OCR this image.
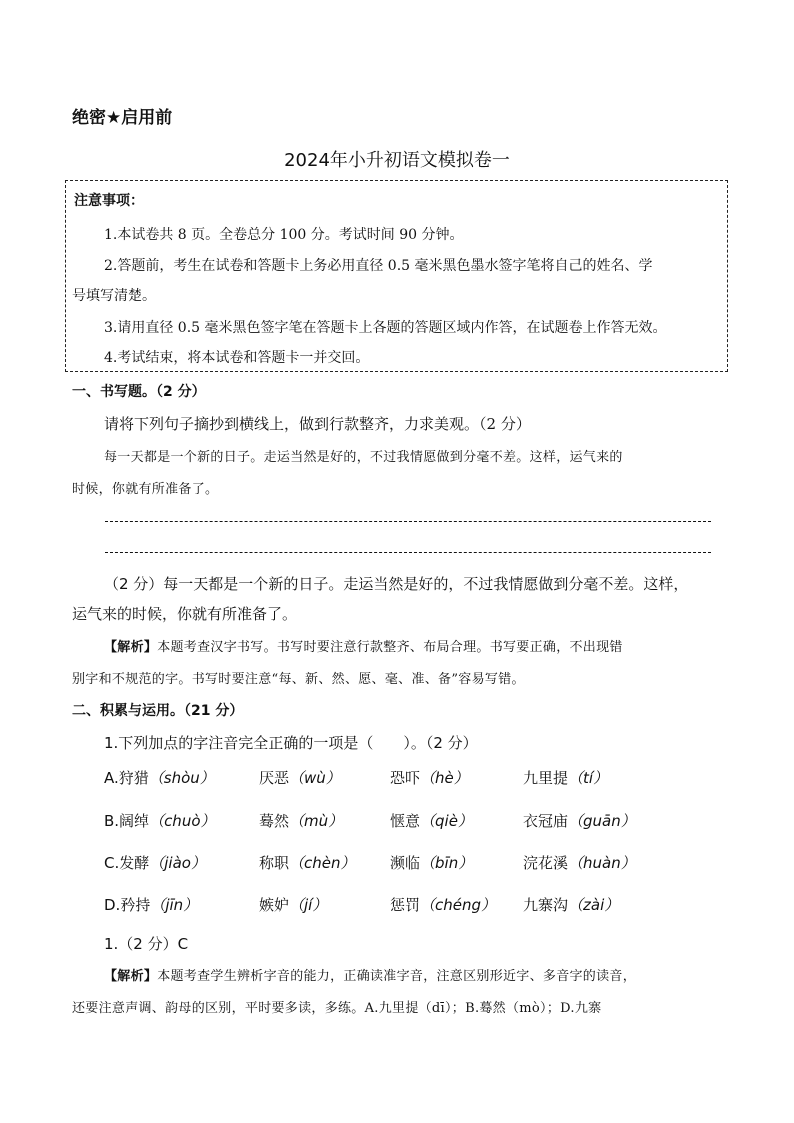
绝密★启用前
2024年小升初语文模拟卷一
注意事项：
1.本试卷共 8 页。全卷总分 100 分。考试时间 90 分钟。
2.答题前，考生在试卷和答题卡上务必用直径 0.5 毫米黑色墨水签字笔将自己的姓名、学
号填写清楚。
3.请用直径 0.5 毫米黑色签字笔在答题卡上各题的答题区域内作答，在试题卷上作答无效。
4.考试结束，将本试卷和答题卡一并交回。
一、书写题。（2 分）
请将下列句子摘抄到横线上，做到行款整齐，力求美观。（2 分）
每一天都是一个新的日子。走运当然是好的，不过我情愿做到分毫不差。这样，运气来的
时候，你就有所准备了。
（2 分）每一天都是一个新的日子。走运当然是好的，不过我情愿做到分毫不差。这样，
运气来的时候，你就有所准备了。
【解析】本题考查汉字书写。书写时要注意行款整齐、布局合理。书写要正确，不出现错
别字和不规范的字。书写时要注意“每、新、然、愿、毫、准、备”容易写错。
二、积累与运用。（21 分）
1.下列加点的字注音完全正确的一项是（　　）。（2 分）
A.狩猎（shòu）	厌恶（wù）	恐吓（hè）	九里提（tí）
B.阔绰（chuò）	蓦然（mù）	惬意（qiè）	衣冠庙（guān）
C.发酵（jiào）	称职（chèn） 濒临（bīn）	浣花溪（huàn）
D.矜持（jīn）	嫉妒（jí）	惩罚（chéng） 九寨沟（zài）
1.（2 分）C
【解析】本题考查学生辨析字音的能力，正确读准字音，注意区别形近字、多音字的读音，
还要注意声调、韵母的区别，平时要多读，多练。A.九里提（dī）；B.蓦然（mò）；D.九寨
